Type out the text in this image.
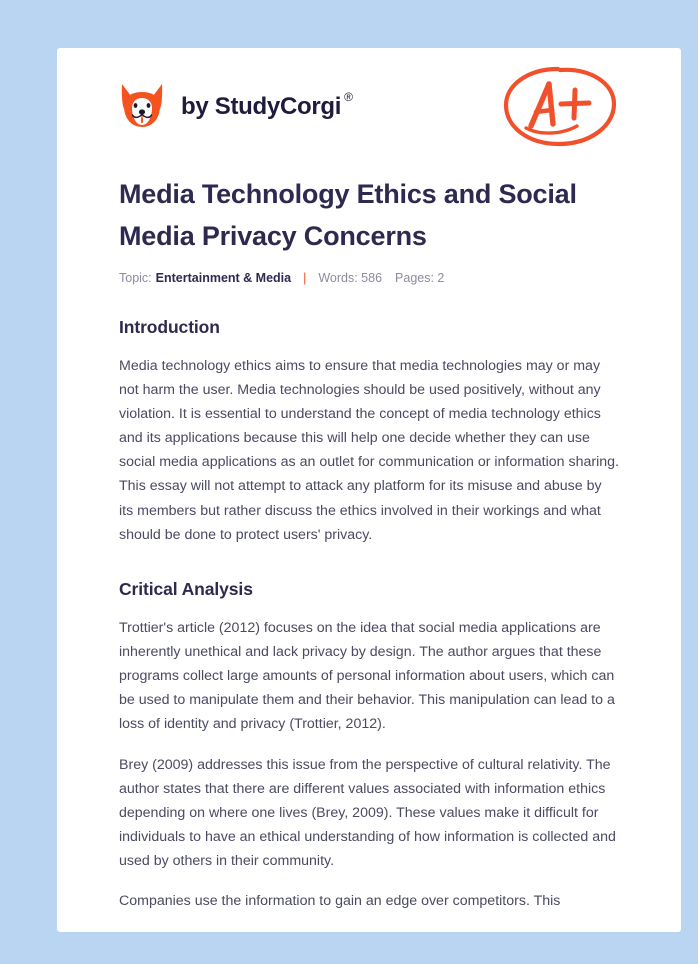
by StudyCorgi ®
Media Technology Ethics and Social Media Privacy Concerns
Topic: Entertainment & Media | Words: 586 Pages: 2
Introduction

Media technology ethics aims to ensure that media technologies may or may not harm the user. Media technologies should be used positively, without any violation. It is essential to understand the concept of media technology ethics and its applications because this will help one decide whether they can use social media applications as an outlet for communication or information sharing. This essay will not attempt to attack any platform for its misuse and abuse by its members but rather discuss the ethics involved in their workings and what should be done to protect users' privacy.

Critical Analysis

Trottier's article (2012) focuses on the idea that social media applications are inherently unethical and lack privacy by design. The author argues that these programs collect large amounts of personal information about users, which can be used to manipulate them and their behavior. This manipulation can lead to a loss of identity and privacy (Trottier, 2012).

Brey (2009) addresses this issue from the perspective of cultural relativity. The author states that there are different values associated with information ethics depending on where one lives (Brey, 2009). These values make it difficult for individuals to have an ethical understanding of how information is collected and used by others in their community.

Companies use the information to gain an edge over competitors. This
